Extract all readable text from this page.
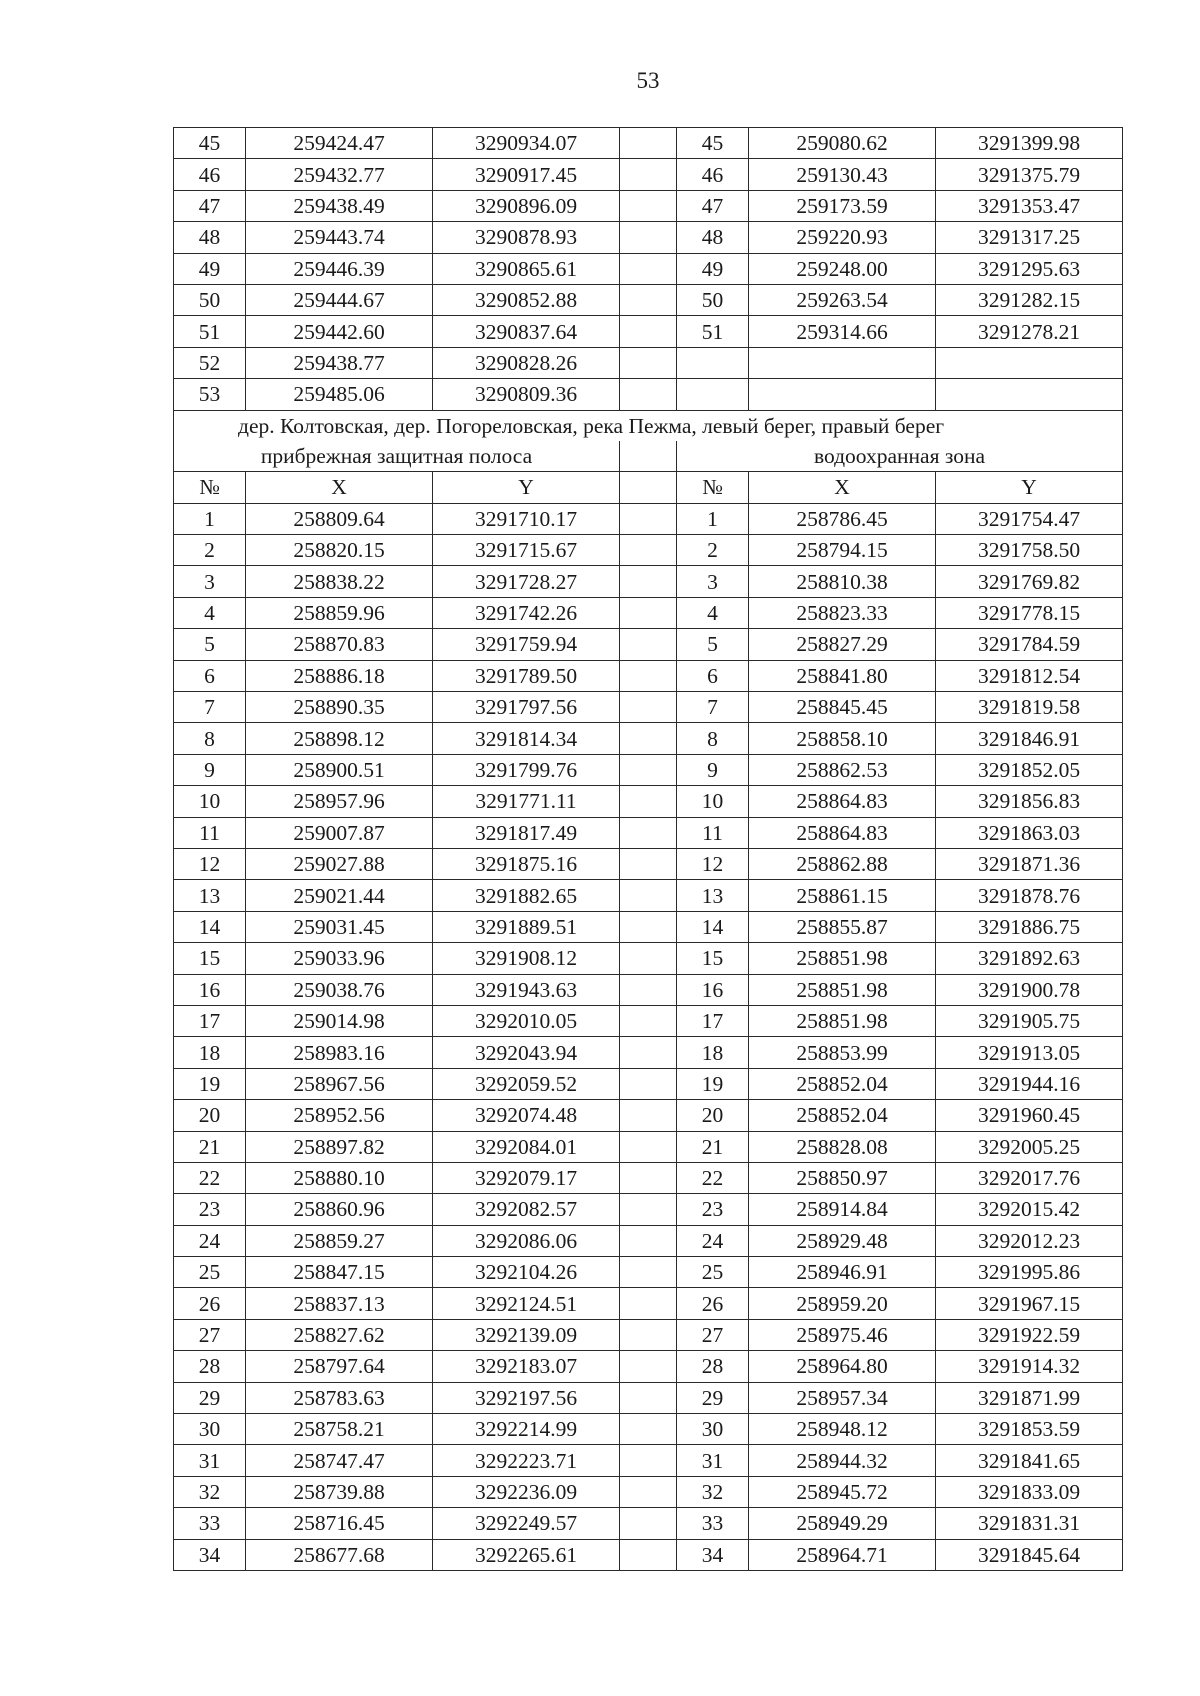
53
45	259424.47	3290934.07		45	259080.62	3291399.98
46	259432.77	3290917.45		46	259130.43	3291375.79
47	259438.49	3290896.09		47	259173.59	3291353.47
48	259443.74	3290878.93		48	259220.93	3291317.25
49	259446.39	3290865.61		49	259248.00	3291295.63
50	259444.67	3290852.88		50	259263.54	3291282.15
51	259442.60	3290837.64		51	259314.66	3291278.21
52	259438.77	3290828.26				
53	259485.06	3290809.36				
дер. Колтовская, дер. Погореловская, река Пежма, левый берег, правый берег						
прибрежная защитная полоса				водоохранная зона		
№	X	Y		№	X	Y
1	258809.64	3291710.17		1	258786.45	3291754.47
2	258820.15	3291715.67		2	258794.15	3291758.50
3	258838.22	3291728.27		3	258810.38	3291769.82
4	258859.96	3291742.26		4	258823.33	3291778.15
5	258870.83	3291759.94		5	258827.29	3291784.59
6	258886.18	3291789.50		6	258841.80	3291812.54
7	258890.35	3291797.56		7	258845.45	3291819.58
8	258898.12	3291814.34		8	258858.10	3291846.91
9	258900.51	3291799.76		9	258862.53	3291852.05
10	258957.96	3291771.11		10	258864.83	3291856.83
11	259007.87	3291817.49		11	258864.83	3291863.03
12	259027.88	3291875.16		12	258862.88	3291871.36
13	259021.44	3291882.65		13	258861.15	3291878.76
14	259031.45	3291889.51		14	258855.87	3291886.75
15	259033.96	3291908.12		15	258851.98	3291892.63
16	259038.76	3291943.63		16	258851.98	3291900.78
17	259014.98	3292010.05		17	258851.98	3291905.75
18	258983.16	3292043.94		18	258853.99	3291913.05
19	258967.56	3292059.52		19	258852.04	3291944.16
20	258952.56	3292074.48		20	258852.04	3291960.45
21	258897.82	3292084.01		21	258828.08	3292005.25
22	258880.10	3292079.17		22	258850.97	3292017.76
23	258860.96	3292082.57		23	258914.84	3292015.42
24	258859.27	3292086.06		24	258929.48	3292012.23
25	258847.15	3292104.26		25	258946.91	3291995.86
26	258837.13	3292124.51		26	258959.20	3291967.15
27	258827.62	3292139.09		27	258975.46	3291922.59
28	258797.64	3292183.07		28	258964.80	3291914.32
29	258783.63	3292197.56		29	258957.34	3291871.99
30	258758.21	3292214.99		30	258948.12	3291853.59
31	258747.47	3292223.71		31	258944.32	3291841.65
32	258739.88	3292236.09		32	258945.72	3291833.09
33	258716.45	3292249.57		33	258949.29	3291831.31
34	258677.68	3292265.61		34	258964.71	3291845.64
